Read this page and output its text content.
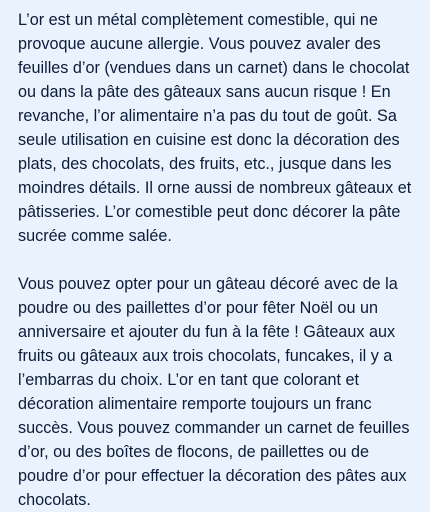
L’or est un métal complètement comestible, qui ne provoque aucune allergie. Vous pouvez avaler des feuilles d’or (vendues dans un carnet) dans le chocolat ou dans la pâte des gâteaux sans aucun risque ! En revanche, l’or alimentaire n’a pas du tout de goût. Sa seule utilisation en cuisine est donc la décoration des plats, des chocolats, des fruits, etc., jusque dans les moindres détails. Il orne aussi de nombreux gâteaux et pâtisseries. L’or comestible peut donc décorer la pâte sucrée comme salée.

Vous pouvez opter pour un gâteau décoré avec de la poudre ou des paillettes d’or pour fêter Noël ou un anniversaire et ajouter du fun à la fête ! Gâteaux aux fruits ou gâteaux aux trois chocolats, funcakes, il y a l’embarras du choix. L’or en tant que colorant et décoration alimentaire remporte toujours un franc succès. Vous pouvez commander un carnet de feuilles d’or, ou des boîtes de flocons, de paillettes ou de poudre d’or pour effectuer la décoration des pâtes aux chocolats.
